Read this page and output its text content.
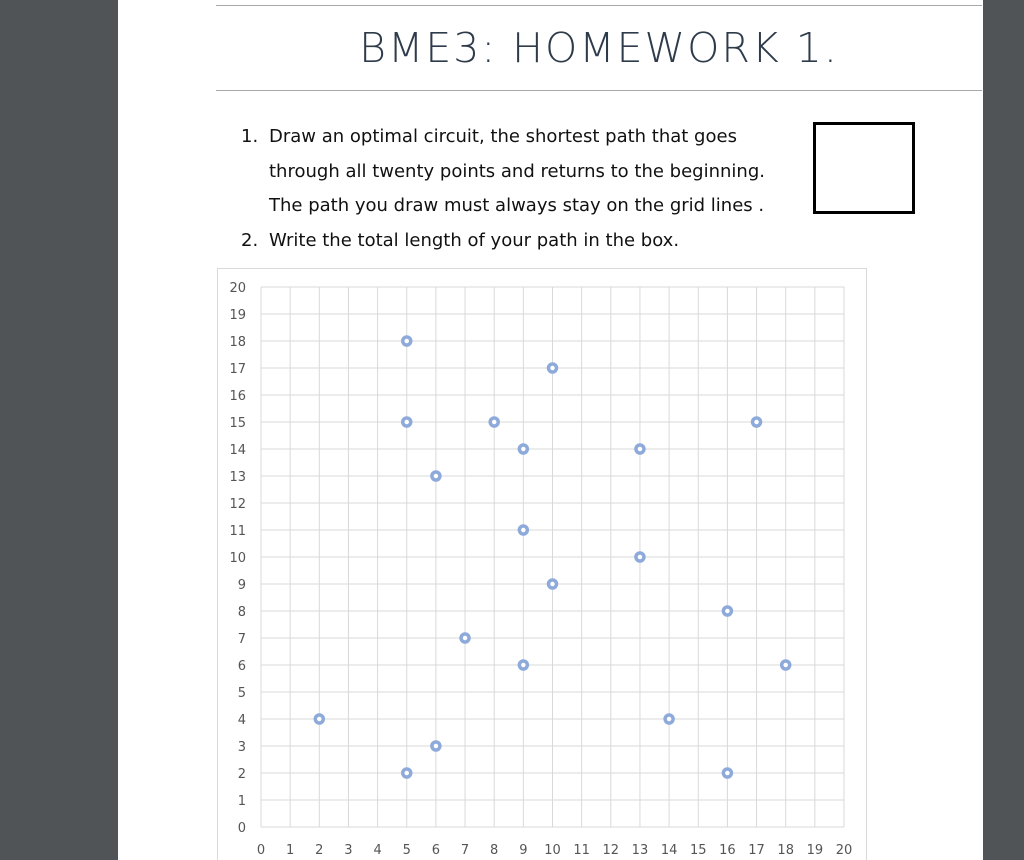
BME3: HOMEWORK 1.
1. Draw an optimal circuit, the shortest path that goes through all twenty points and returns to the beginning. The path you draw must always stay on the grid lines .
2. Write the total length of your path in the box.
0
1
2
3
4
5
6
7
8
9
10
11
12
13
14
15
16
17
18
19
20
0 1 2 3 4 5 6 7 8 9 10 11 12 13 14 15 16 17 18 19 20
